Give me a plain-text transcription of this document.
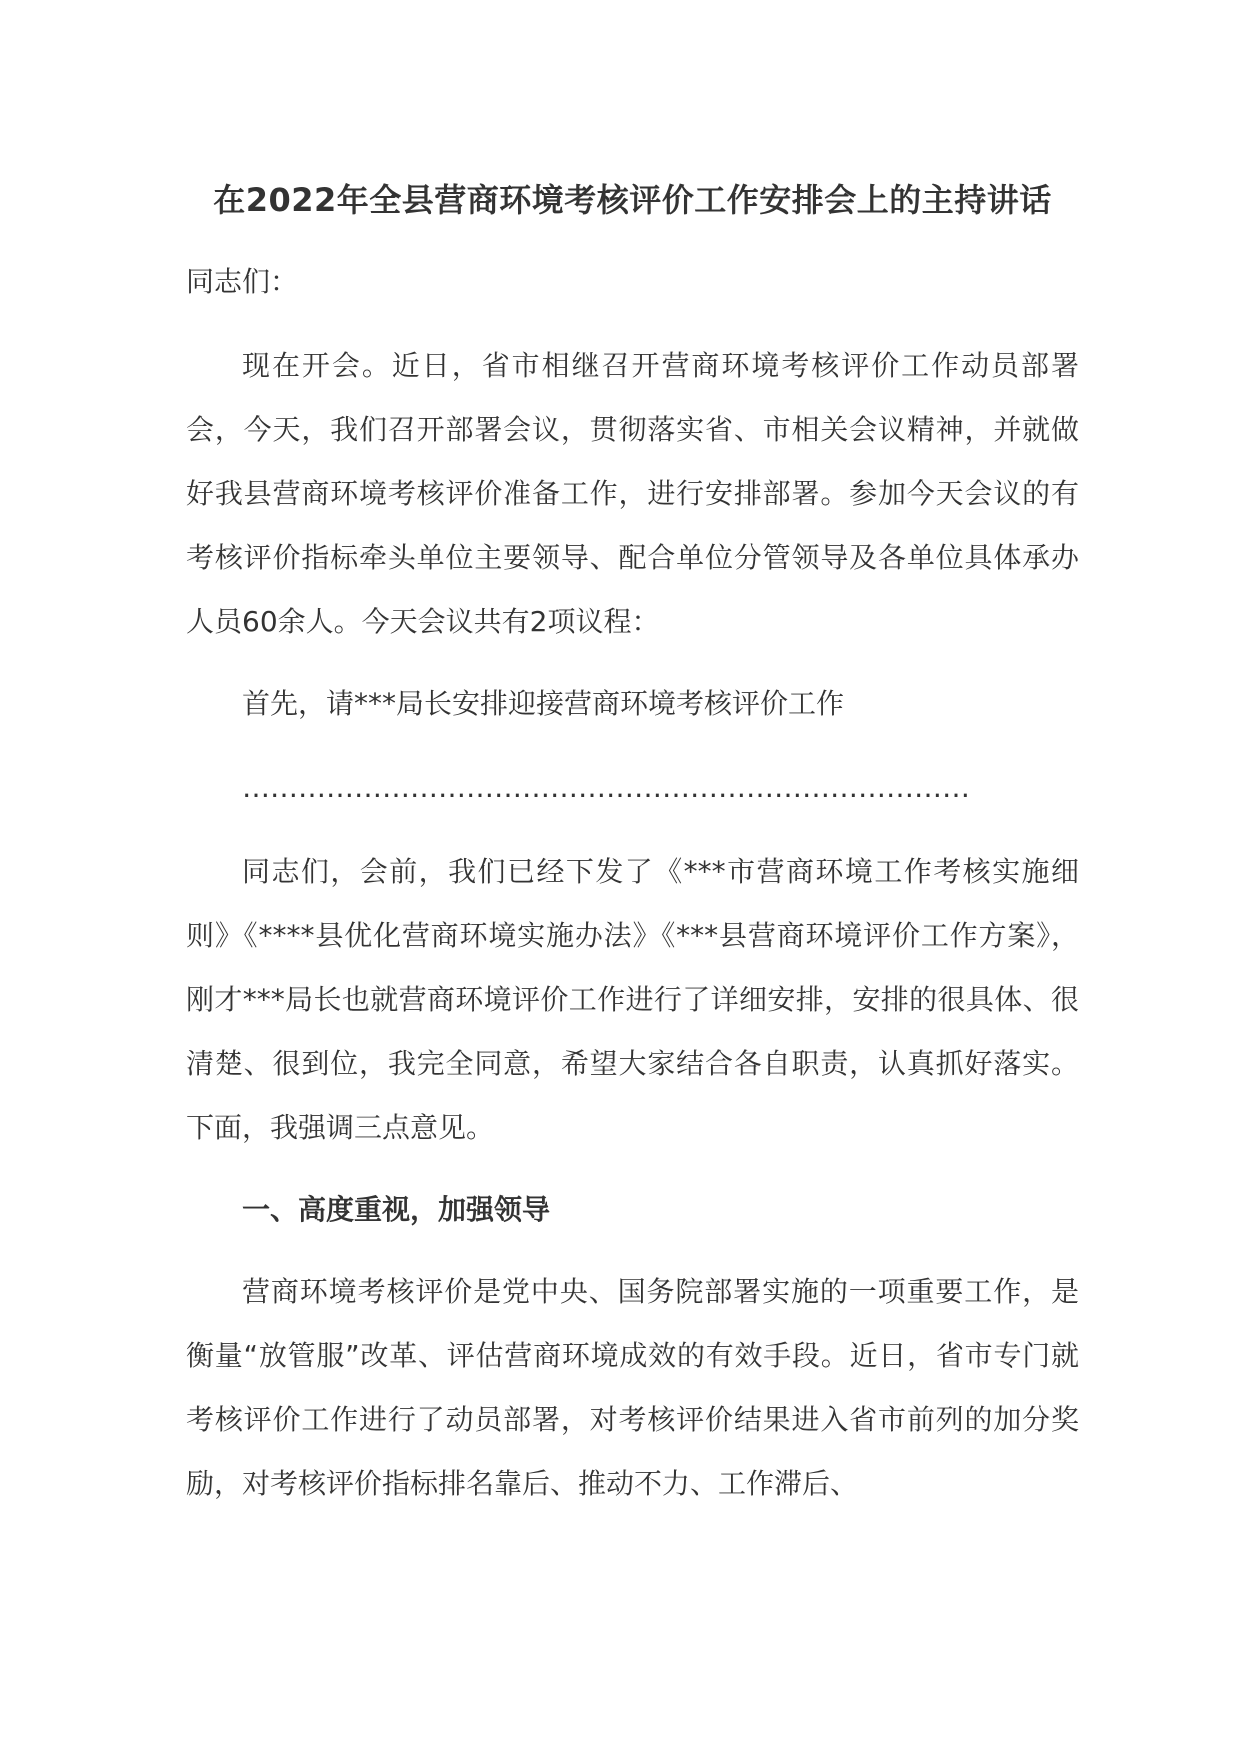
在2022年全县营商环境考核评价工作安排会上的主持讲话

同志们：

现在开会。近日，省市相继召开营商环境考核评价工作动员部署会，今天，我们召开部署会议，贯彻落实省、市相关会议精神，并就做好我县营商环境考核评价准备工作，进行安排部署。参加今天会议的有考核评价指标牵头单位主要领导、配合单位分管领导及各单位具体承办人员60余人。今天会议共有2项议程：

首先，请***局长安排迎接营商环境考核评价工作

……………………………………………………………………

同志们，会前，我们已经下发了《***市营商环境工作考核实施细则》《****县优化营商环境实施办法》《***县营商环境评价工作方案》，刚才***局长也就营商环境评价工作进行了详细安排，安排的很具体、很清楚、很到位，我完全同意，希望大家结合各自职责，认真抓好落实。下面，我强调三点意见。

一、高度重视，加强领导

营商环境考核评价是党中央、国务院部署实施的一项重要工作，是衡量“放管服”改革、评估营商环境成效的有效手段。近日，省市专门就考核评价工作进行了动员部署，对考核评价结果进入省市前列的加分奖励，对考核评价指标排名靠后、推动不力、工作滞后、
